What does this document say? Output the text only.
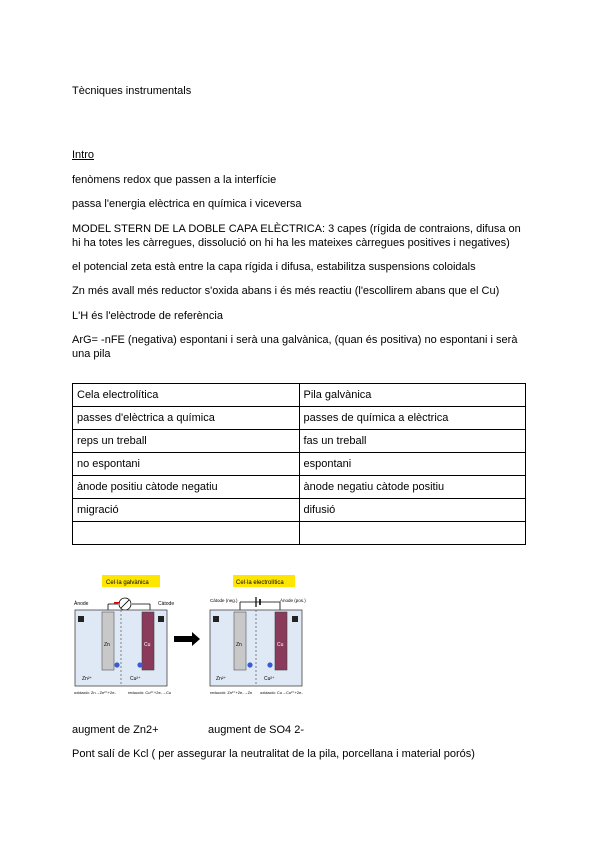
Tècniques instrumentals
Intro
fenòmens redox que passen a la interfície
passa l'energia elèctrica en química i viceversa
MODEL STERN DE LA DOBLE CAPA ELÈCTRICA: 3 capes (rígida de contraions, difusa on hi ha totes les càrregues, dissolució on hi ha les mateixes càrregues positives i negatives)
el potencial zeta està entre la capa rígida i difusa, estabilitza suspensions coloidals
Zn més avall més reductor s'oxida abans i és més reactiu (l'escollirem abans que el Cu)
L'H és l'elèctrode de referència
ArG= -nFE (negativa) espontani i serà una galvànica, (quan és positiva) no espontani i serà una pila
Cela electrolítica	Pila galvànica
passes d'elèctrica a química	passes de química a elèctrica
reps un treball	fas un treball
no espontani	espontani
ànode positiu càtode negatiu	ànode negatiu càtode positiu
migració	difusió

Cel·la galvànica
Ànode	Càtode
Zn	Cu
Zn²⁺	Cu²⁺
oxidació: Zn→Zn²⁺+2e-	reducció: Cu²⁺+2e-→Cu
Cel·la electrolítica
Càtode (neg.)	Ànode (pos.)
Zn	Cu
Zn²⁺	Cu²⁺
reducció: Zn²⁺+2e-→Zn oxidació: Cu→Cu²⁺+2e-
augment de Zn2+	augment de SO4 2-
Pont salí de Kcl ( per assegurar la neutralitat de la pila, porcellana i material porós)
